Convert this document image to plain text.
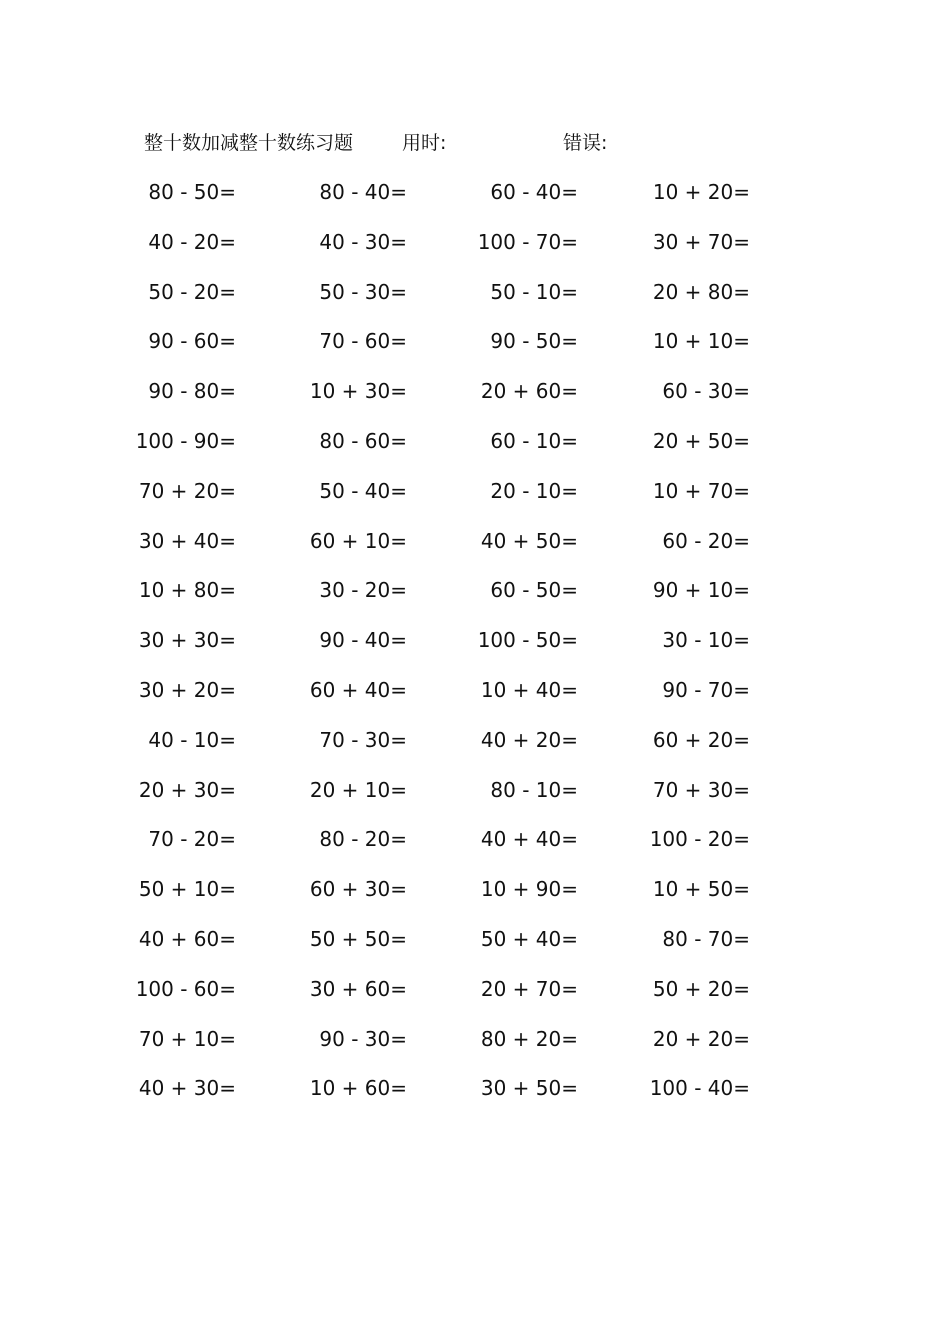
整十数加减整十数练习题	用时:	错误:
80 - 50=	80 - 40=	60 - 40=	10 + 20=
40 - 20=	40 - 30=	100 - 70=	30 + 70=
50 - 20=	50 - 30=	50 - 10=	20 + 80=
90 - 60=	70 - 60=	90 - 50=	10 + 10=
90 - 80=	10 + 30=	20 + 60=	60 - 30=
100 - 90=	80 - 60=	60 - 10=	20 + 50=
70 + 20=	50 - 40=	20 - 10=	10 + 70=
30 + 40=	60 + 10=	40 + 50=	60 - 20=
10 + 80=	30 - 20=	60 - 50=	90 + 10=
30 + 30=	90 - 40=	100 - 50=	30 - 10=
30 + 20=	60 + 40=	10 + 40=	90 - 70=
40 - 10=	70 - 30=	40 + 20=	60 + 20=
20 + 30=	20 + 10=	80 - 10=	70 + 30=
70 - 20=	80 - 20=	40 + 40=	100 - 20=
50 + 10=	60 + 30=	10 + 90=	10 + 50=
40 + 60=	50 + 50=	50 + 40=	80 - 70=
100 - 60=	30 + 60=	20 + 70=	50 + 20=
70 + 10=	90 - 30=	80 + 20=	20 + 20=
40 + 30=	10 + 60=	30 + 50=	100 - 40=
